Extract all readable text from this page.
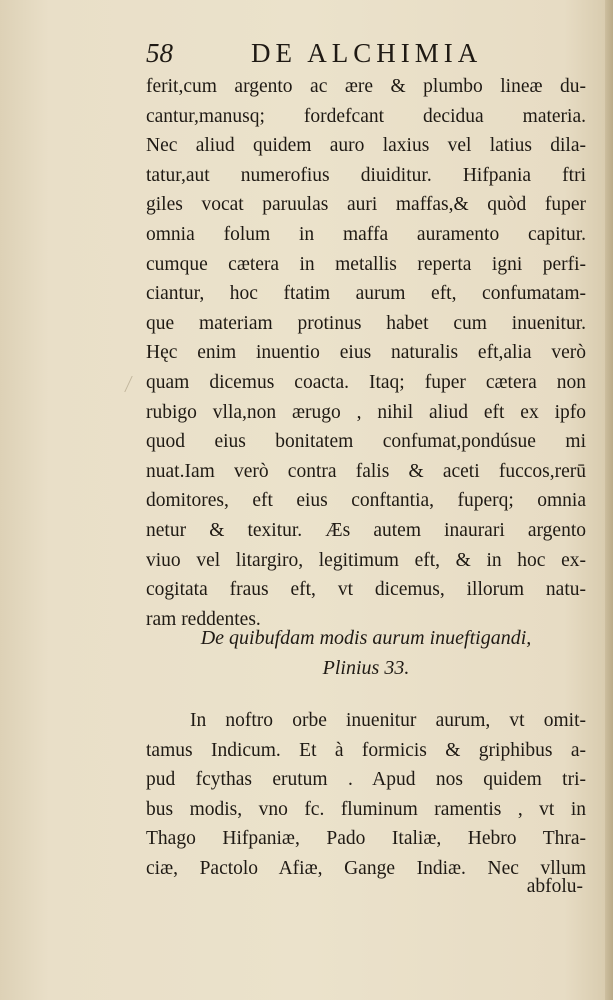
58	DE ALCHIMIA
ferit,cum argento ac ære & plumbo lineæ du-
cantur,manusq; fordefcant decidua materia.
Nec aliud quidem auro laxius vel latius dila-
tatur,aut numerofius diuiditur. Hifpania ftri
giles vocat paruulas auri maffas,& quòd fuper
omnia folum in maffa auramento capitur.
cumque cætera in metallis reperta igni perfi-
ciantur, hoc ftatim aurum eft, confumatam-
que materiam protinus habet cum inuenitur.
Hęc enim inuentio eius naturalis eft,alia verò
quam dicemus coacta. Itaq; fuper cætera non
rubigo vlla,non ærugo , nihil aliud eft ex ipfo
quod eius bonitatem confumat,pondúsue mi
nuat.Iam verò contra falis & aceti fuccos,rerū
domitores, eft eius conftantia, fuperq; omnia
netur & texitur. Æs autem inaurari argento
viuo vel litargiro, legitimum eft, & in hoc ex-
cogitata fraus eft, vt dicemus, illorum natu-
ram reddentes.
De quibufdam modis aurum inueftigandi,
Plinius 33.
In noftro orbe inuenitur aurum, vt omit-
tamus Indicum. Et à formicis & griphibus a-
pud fcythas erutum . Apud nos quidem tri-
bus modis, vno fc. fluminum ramentis , vt in
Thago Hifpaniæ, Pado Italiæ, Hebro Thra-
ciæ, Pactolo Afiæ, Gange Indiæ. Nec vllum
abfolu-
